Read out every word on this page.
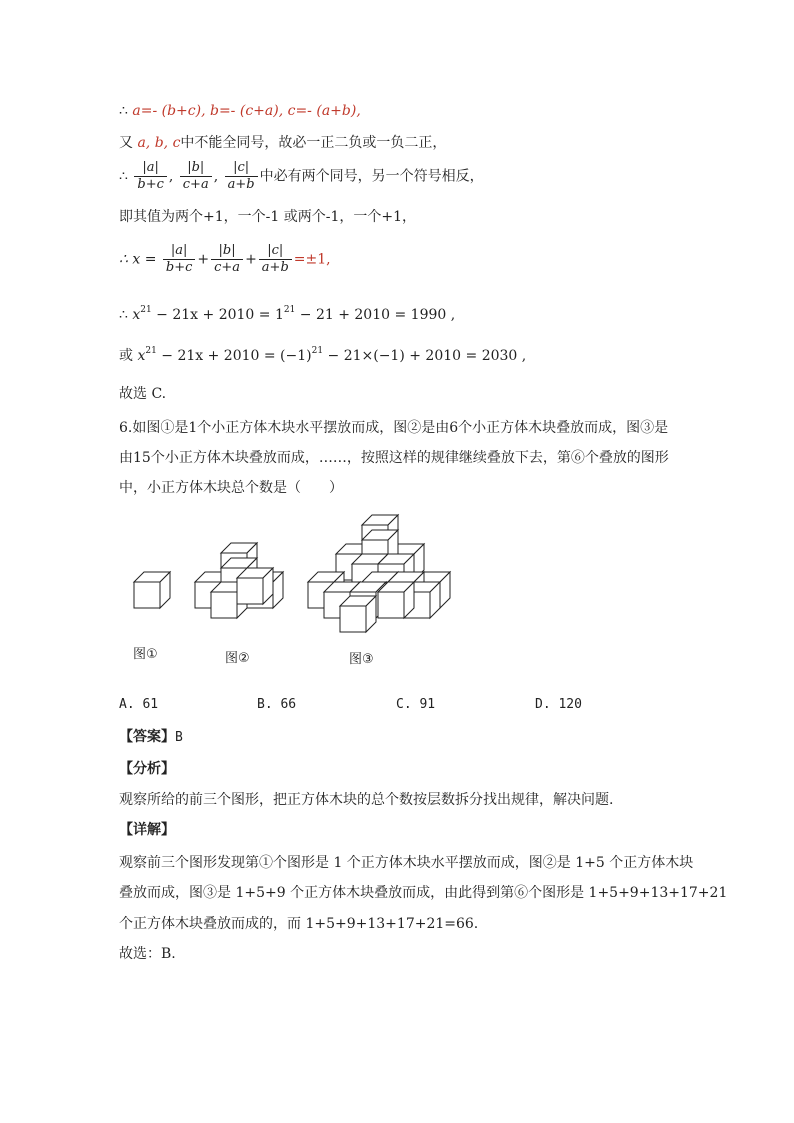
∴ a=- (b+c), b=- (c+a), c=- (a+b),
又 a, b, c中不能全同号，故必一正二负或一负二正，
∴ $\frac{|a|}{b+c}$ , $\frac{|b|}{c+a}$ , $\frac{|c|}{a+b}$ 中必有两个同号，另一个符号相反，
即其值为两个+1，一个-1 或两个-1，一个+1，
∴ $x = \frac{|a|}{b+c} + \frac{|b|}{c+a} + \frac{|c|}{a+b} =\pm 1$,
∴ $x^{21} - 21x + 2010 = 1^{21} - 21 + 2010 = 1990$ ,
或 $x^{21} - 21x + 2010 = (-1)^{21} - 21\times(-1) + 2010 = 2030$ ,
故选 C.
6.如图①是1个小正方体木块水平摆放而成，图②是由6个小正方体木块叠放而成，图③是
由15个小正方体木块叠放而成，……，按照这样的规律继续叠放下去，第⑥个叠放的图形
中，小正方体木块总个数是（　　）
图①	图②	图③
A. 61	B. 66	C. 91	D. 120
【答案】B
【分析】
观察所给的前三个图形，把正方体木块的总个数按层数拆分找出规律，解决问题.
【详解】
观察前三个图形发现第①个图形是 1 个正方体木块水平摆放而成，图②是 1+5 个正方体木块
叠放而成，图③是 1+5+9 个正方体木块叠放而成，由此得到第⑥个图形是 1+5+9+13+17+21
个正方体木块叠放而成的，而 1+5+9+13+17+21=66.
故选：B.
